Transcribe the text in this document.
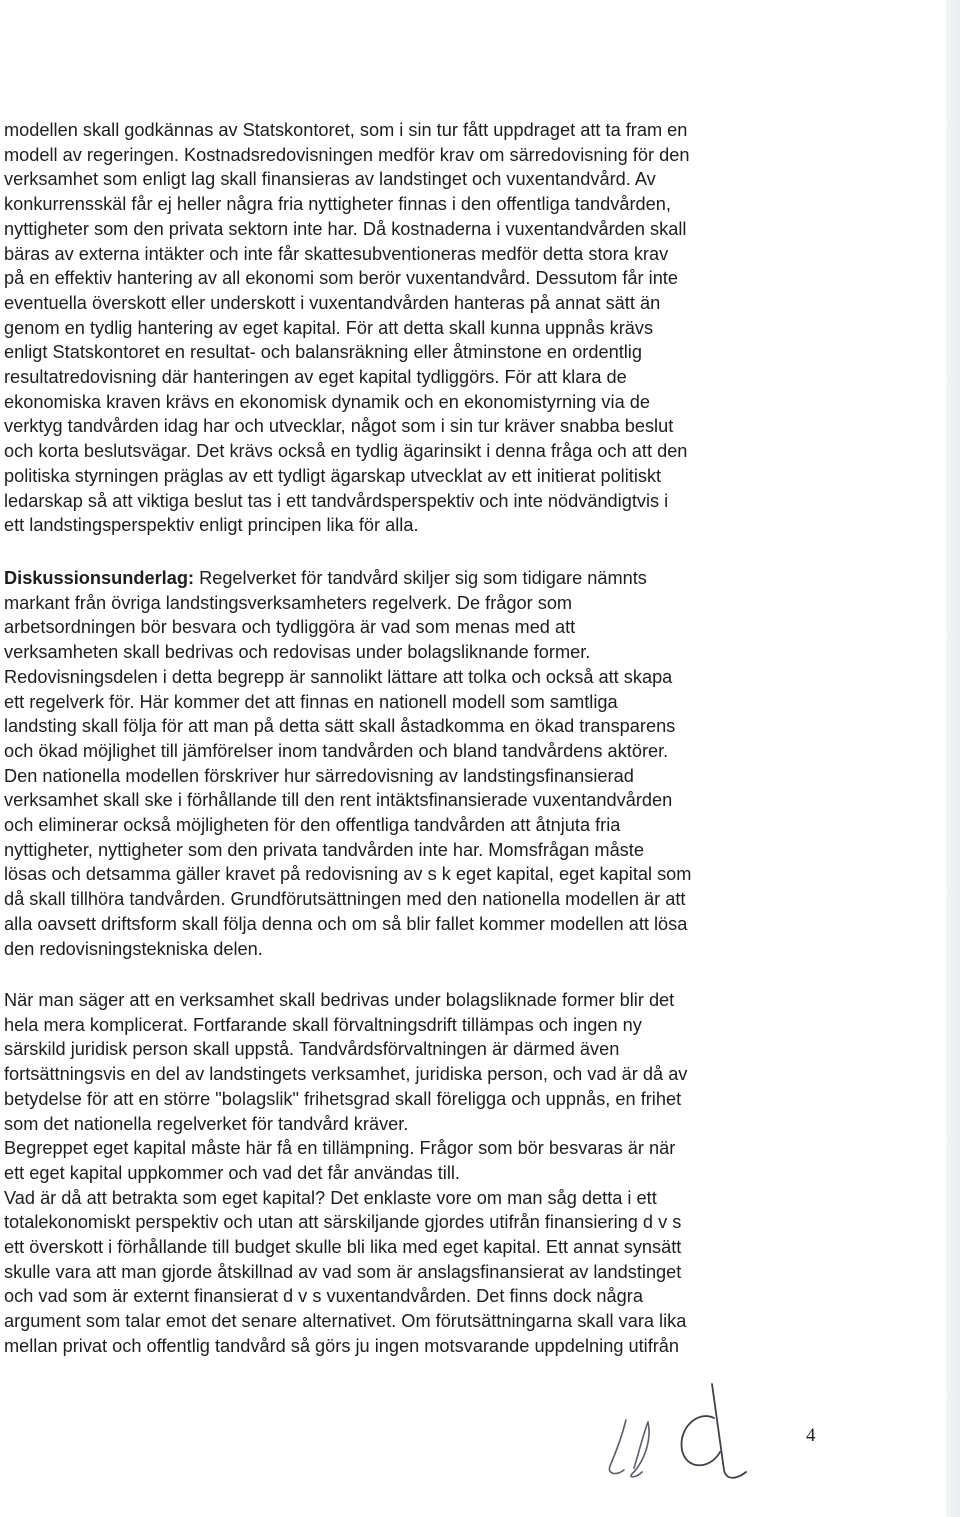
modellen skall godkännas av Statskontoret, som i sin tur fått uppdraget att ta fram en
modell av regeringen. Kostnadsredovisningen medför krav om särredovisning för den
verksamhet som enligt lag skall finansieras av landstinget och vuxentandvård. Av
konkurrensskäl får ej heller några fria nyttigheter finnas i den offentliga tandvården,
nyttigheter som den privata sektorn inte har. Då kostnaderna i vuxentandvården skall
bäras av externa intäkter och inte får skattesubventioneras medför detta stora krav
på en effektiv hantering av all ekonomi som berör vuxentandvård. Dessutom får inte
eventuella överskott eller underskott i vuxentandvården hanteras på annat sätt än
genom en tydlig hantering av eget kapital. För att detta skall kunna uppnås krävs
enligt Statskontoret en resultat- och balansräkning eller åtminstone en ordentlig
resultatredovisning där hanteringen av eget kapital tydliggörs. För att klara de
ekonomiska kraven krävs en ekonomisk dynamik och en ekonomistyrning via de
verktyg tandvården idag har och utvecklar, något som i sin tur kräver snabba beslut
och korta beslutsvägar. Det krävs också en tydlig ägarinsikt i denna fråga och att den
politiska styrningen präglas av ett tydligt ägarskap utvecklat av ett initierat politiskt
ledarskap så att viktiga beslut tas i ett tandvårdsperspektiv och inte nödvändigtvis i
ett landstingsperspektiv enligt principen lika för alla.
Diskussionsunderlag: Regelverket för tandvård skiljer sig som tidigare nämnts
markant från övriga landstingsverksamheters regelverk. De frågor som
arbetsordningen bör besvara och tydliggöra är vad som menas med att
verksamheten skall bedrivas och redovisas under bolagsliknande former.
Redovisningsdelen i detta begrepp är sannolikt lättare att tolka och också att skapa
ett regelverk för. Här kommer det att finnas en nationell modell som samtliga
landsting skall följa för att man på detta sätt skall åstadkomma en ökad transparens
och ökad möjlighet till jämförelser inom tandvården och bland tandvårdens aktörer.
Den nationella modellen förskriver hur särredovisning av landstingsfinansierad
verksamhet skall ske i förhållande till den rent intäktsfinansierade vuxentandvården
och eliminerar också möjligheten för den offentliga tandvården att åtnjuta fria
nyttigheter, nyttigheter som den privata tandvården inte har. Momsfrågan måste
lösas och detsamma gäller kravet på redovisning av s k eget kapital, eget kapital som
då skall tillhöra tandvården. Grundförutsättningen med den nationella modellen är att
alla oavsett driftsform skall följa denna och om så blir fallet kommer modellen att lösa
den redovisningstekniska delen.
När man säger att en verksamhet skall bedrivas under bolagsliknade former blir det
hela mera komplicerat. Fortfarande skall förvaltningsdrift tillämpas och ingen ny
särskild juridisk person skall uppstå. Tandvårdsförvaltningen är därmed även
fortsättningsvis en del av landstingets verksamhet, juridiska person, och vad är då av
betydelse för att en större "bolagslik" frihetsgrad skall föreligga och uppnås, en frihet
som det nationella regelverket för tandvård kräver.
Begreppet eget kapital måste här få en tillämpning. Frågor som bör besvaras är när
ett eget kapital uppkommer och vad det får användas till.
Vad är då att betrakta som eget kapital? Det enklaste vore om man såg detta i ett
totalekonomiskt perspektiv och utan att särskiljande gjordes utifrån finansiering d v s
ett överskott i förhållande till budget skulle bli lika med eget kapital. Ett annat synsätt
skulle vara att man gjorde åtskillnad av vad som är anslagsfinansierat av landstinget
och vad som är externt finansierat d v s vuxentandvården. Det finns dock några
argument som talar emot det senare alternativet. Om förutsättningarna skall vara lika
mellan privat och offentlig tandvård så görs ju ingen motsvarande uppdelning utifrån
4
